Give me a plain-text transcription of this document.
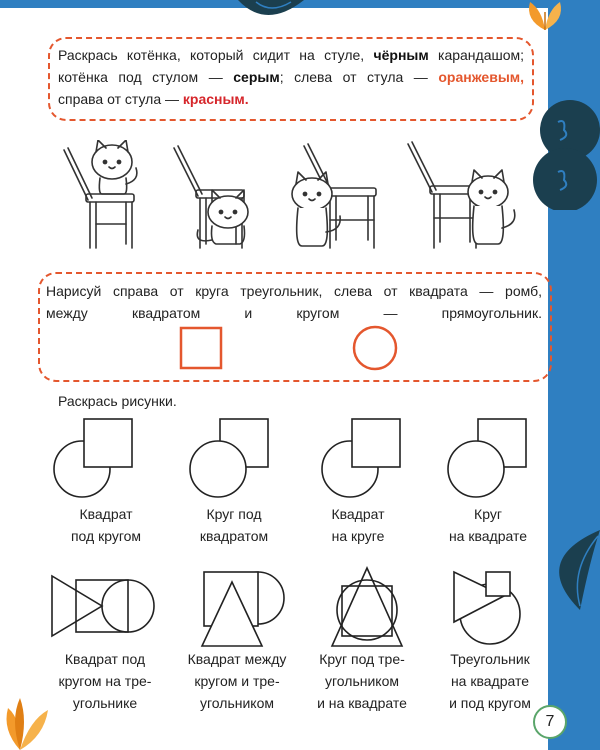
Раскрась котёнка, который сидит на стуле, чёрным карандашом;
котёнка под стулом — серым; слева от стула — оранжевым,
справа от стула — красным.
Нарисуй справа от круга треугольник, слева от квадрата — ромб,
между квадратом и кругом — прямоугольник.
Раскрась рисунки.
Квадрат
под кругом
Круг под
квадратом
Квадрат
на круге
Круг
на квадрате
Квадрат под
кругом на тре-
угольнике
Квадрат между
кругом и тре-
угольником
Круг под тре-
угольником
и на квадрате
Треугольник
на квадрате
и под кругом
7
